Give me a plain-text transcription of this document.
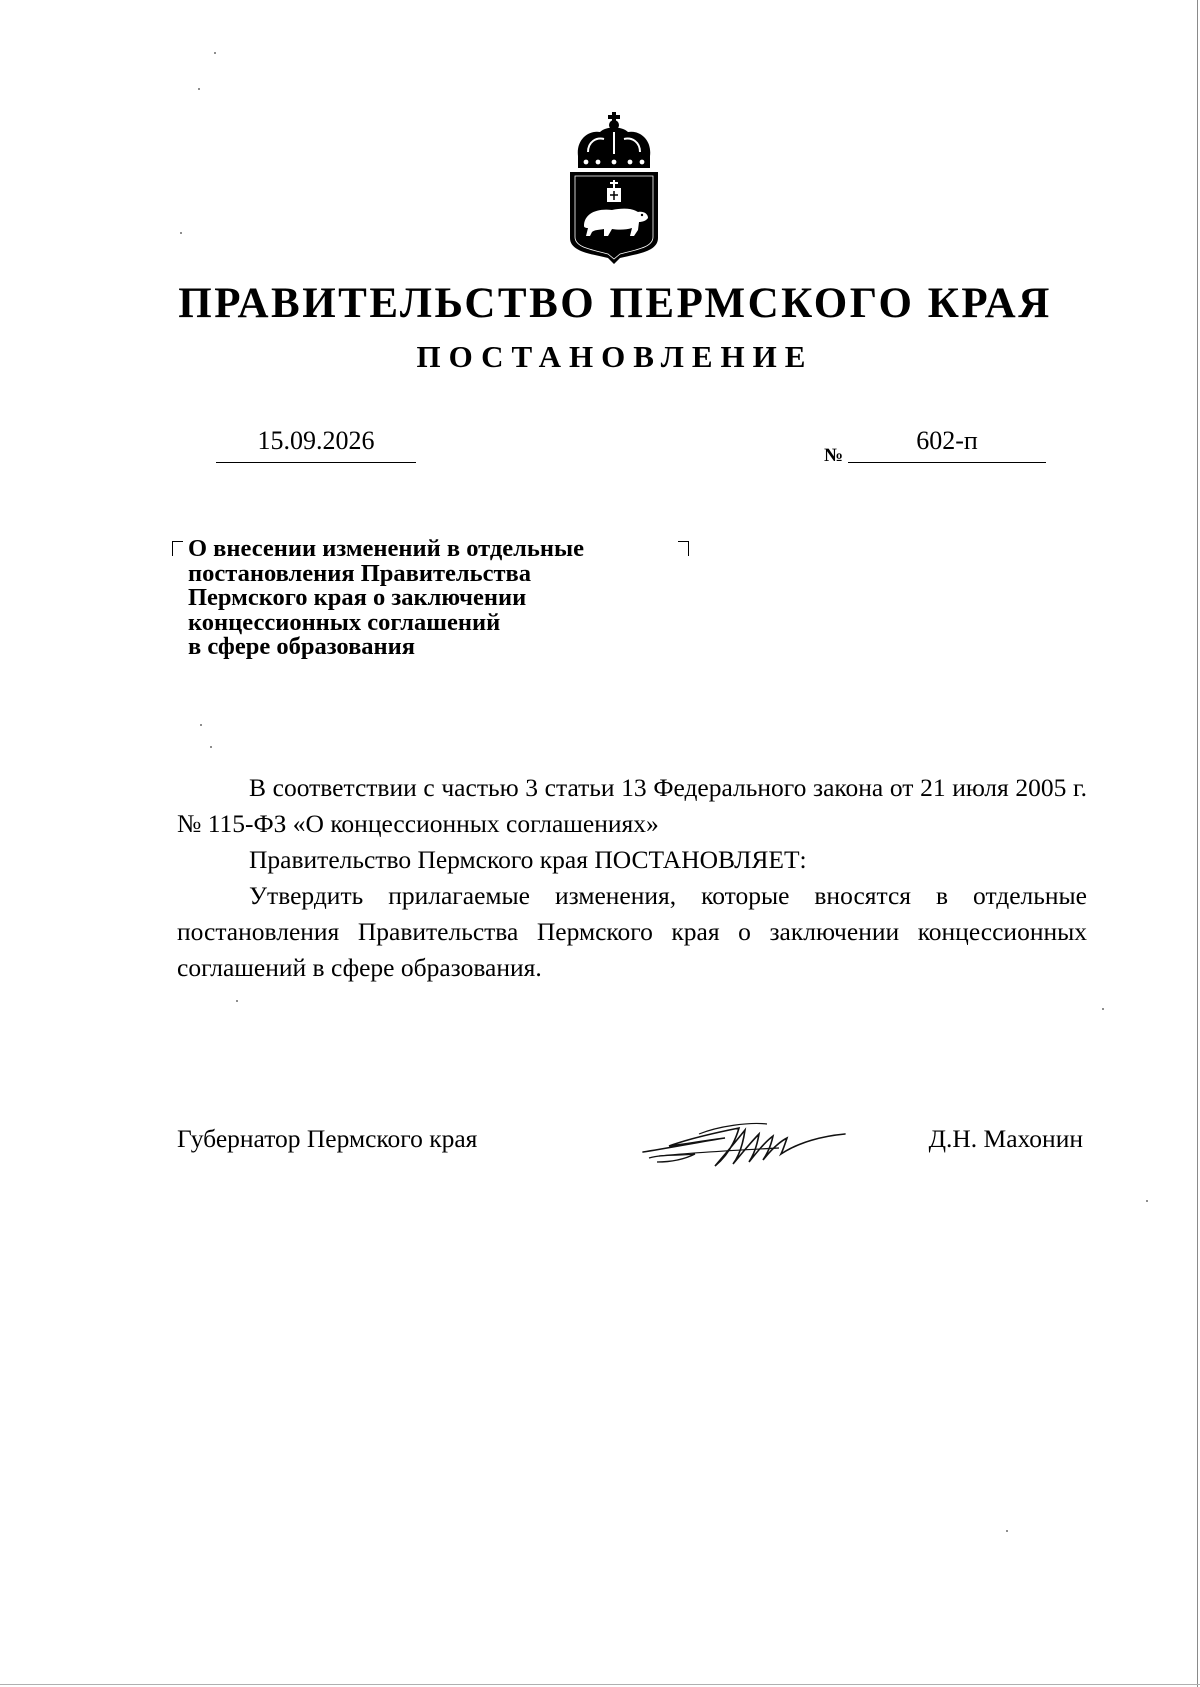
ПРАВИТЕЛЬСТВО ПЕРМСКОГО КРАЯ
ПОСТАНОВЛЕНИЕ
15.09.2026
№
602-п
О внесении изменений в отдельные
постановления Правительства
Пермского края о заключении
концессионных соглашений
в сфере образования

В соответствии с частью 3 статьи 13 Федерального закона от 21 июля 2005 г. № 115-ФЗ «О концессионных соглашениях»

Правительство Пермского края ПОСТАНОВЛЯЕТ:

Утвердить прилагаемые изменения, которые вносятся в отдельные постановления Правительства Пермского края о заключении концессионных соглашений в сфере образования.

Губернатор Пермского края	Д.Н. Махонин
